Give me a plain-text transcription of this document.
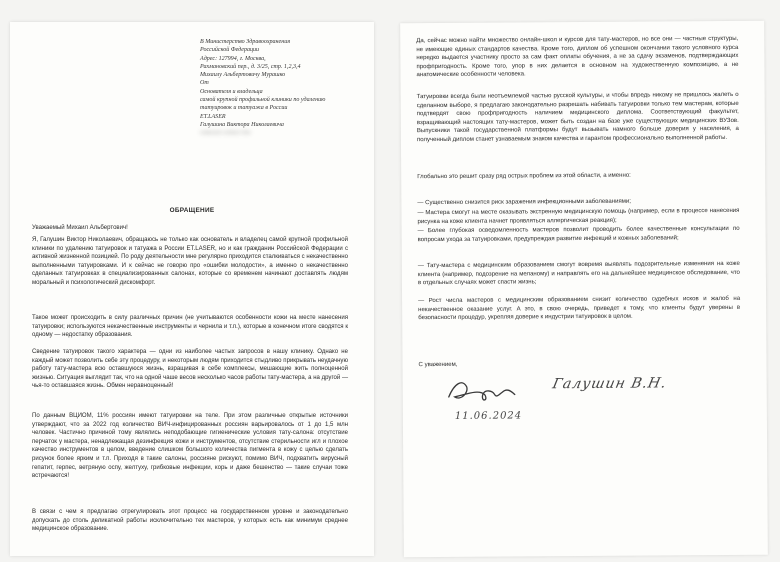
В Министерство Здравоохранения

Российской Федерации

Адрес: 127994, г. Москва,

Рахмановский пер., д. 3/25, стр. 1,2,3,4

Михаилу Альбертовичу Мурашко

От

Основателя и владельца

самой крупной профильной клиники по удалению

татуировок и татуажа в России

ET.LASER

Галушина Виктора Николаевича

redacted contact line

ОБРАЩЕНИЕ
Уважаемый Михаил Альбертович!

Я, Галушин Виктор Николаевич, обращаюсь не только как основатель и владелец самой крупной профильной клиники по удалению татуировок и татуажа в России ET.LASER, но и как гражданин Российской Федерации с активной жизненной позицией. По роду деятельности мне регулярно приходится сталкиваться с некачественно выполненными татуировками. И к сейчас не говорю про «ошибки молодости», а именно о некачественно сделанных татуировках в специализированных салонах, которые со временем начинают доставлять людям моральный и психологический дискомфорт.

Такое может происходить в силу различных причин (не учитываются особенности кожи на месте нанесения татуировки; используются некачественные инструменты и чернила и т.п.), которые в конечном итоге сводятся к одному — недостатку образования.

Сведение татуировок такого характера — одни из наиболее частых запросов в нашу клинику. Однако не каждый может позволить себе эту процедуру, и некоторым людям приходится стыдливо прикрывать неудачную работу тату-мастера всю оставшуюся жизнь, взращивая в себе комплексы, мешающие жить полноценной жизнью. Ситуация выглядит так, что на одной чаше весов несколько часов работы тату-мастера, а на другой — чья-то оставшаяся жизнь. Обмен неравноценный!

По данным ВЦИОМ, 11% россиян имеют татуировки на теле. При этом различные открытые источники утверждают, что за 2022 год количество ВИЧ-инфицированных россиян варьировалось от 1 до 1,5 млн человек. Частично причиной тому являлись неподобающие гигиенические условия тату-салона: отсутствие перчаток у мастера, ненадлежащая дезинфекция кожи и инструментов, отсутствие стерильности игл и плохое качество инструментов в целом, введение слишком большого количества пигмента в кожу с целью сделать рисунок более ярким и т.п. Приходя в такие салоны, россияне рискуют, помимо ВИЧ, подхватить вирусный гепатит, герпес, ветряную оспу, желтуху, грибковые инфекции, корь и даже бешенство — такие случаи тоже встречаются!

В связи с чем я предлагаю отрегулировать этот процесс на государственном уровне и законодательно допускать до столь деликатной работы исключительно тех мастеров, у которых есть как минимум среднее медицинское образование.

Да, сейчас можно найти множество онлайн-школ и курсов для тату-мастеров, но все они — частные структуры, не имеющие единых стандартов качества. Кроме того, диплом об успешном окончании такого условного курса нередко выдается участнику просто за сам факт оплаты обучения, а не за сдачу экзаменов, подтверждающих профпригодность. Кроме того, упор в них делается в основном на художественную композицию, а не анатомические особенности человека.

Татуировки всегда были неотъемлемой частью русской культуры, и чтобы впредь никому не пришлось жалеть о сделанном выборе, я предлагаю законодательно разрешать набивать татуировки только тем мастерам, которые подтвердят свою профпригодность наличием медицинского диплома. Соответствующий факультет, взращивающий настоящих тату-мастеров, может быть создан на базе уже существующих медицинских ВУЗов. Выпускники такой государственной платформы будут вызывать намного больше доверия у населения, а полученный диплом станет узнаваемым знаком качества и гарантом профессионально выполненной работы.

Глобально это решит сразу ряд острых проблем из этой области, а именно:

— Существенно снизится риск заражения инфекционными заболеваниями;

— Мастера смогут на месте оказывать экстренную медицинскую помощь (например, если в процессе нанесения рисунка на коже клиента начнет проявляться аллергическая реакция);

— Более глубокая осведомленность мастеров позволит проводить более качественные консультации по вопросам ухода за татуировками, предупреждая развитие инфекций и кожных заболеваний;

— Тату-мастера с медицинским образованием смогут вовремя выявлять подозрительные изменения на коже клиента (например, подозрение на меланому) и направлять его на дальнейшее медицинское обследование, что в отдельных случаях может спасти жизнь;

— Рост числа мастеров с медицинским образованием снизит количество судебных исков и жалоб на некачественное оказание услуг. А это, в свою очередь, приведет к тому, что клиенты будут уверены в безопасности процедур, укрепляя доверие к индустрии татуировок в целом.

С уважением,

Галушин В.Н.
11.06.2024
